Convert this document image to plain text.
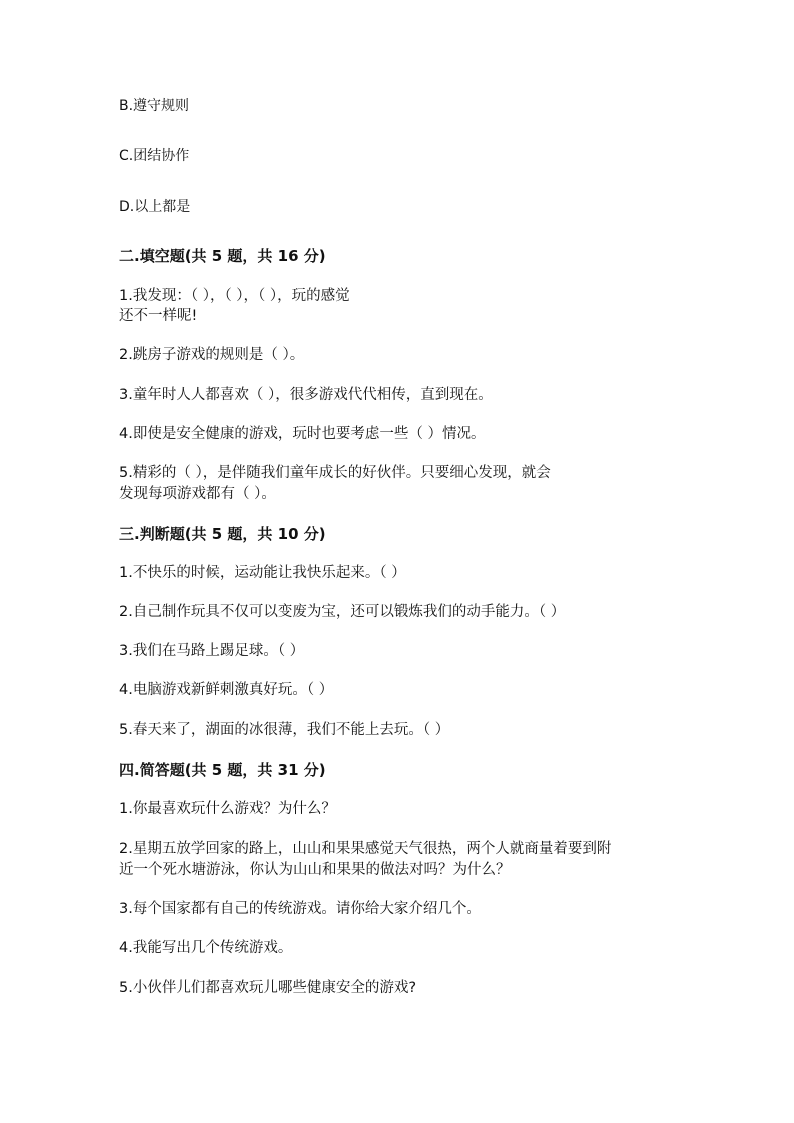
B.遵守规则
C.团结协作
D.以上都是
二.填空题(共 5 题，共 16 分)
1.我发现：（ ），（ ），（ ），玩的感觉
还不一样呢!
2.跳房子游戏的规则是（ ）。
3.童年时人人都喜欢（ ），很多游戏代代相传，直到现在。
4.即使是安全健康的游戏，玩时也要考虑一些（ ）情况。
5.精彩的（ ），是伴随我们童年成长的好伙伴。只要细心发现，就会
发现每项游戏都有（ ）。
三.判断题(共 5 题，共 10 分)
1.不快乐的时候，运动能让我快乐起来。（ ）
2.自己制作玩具不仅可以变废为宝，还可以锻炼我们的动手能力。（ ）
3.我们在马路上踢足球。（ ）
4.电脑游戏新鲜刺激真好玩。（ ）
5.春天来了，湖面的冰很薄，我们不能上去玩。（ ）
四.简答题(共 5 题，共 31 分)
1.你最喜欢玩什么游戏？为什么？
2.星期五放学回家的路上，山山和果果感觉天气很热，两个人就商量着要到附
近一个死水塘游泳，你认为山山和果果的做法对吗？为什么？
3.每个国家都有自己的传统游戏。请你给大家介绍几个。
4.我能写出几个传统游戏。
5.小伙伴儿们都喜欢玩儿哪些健康安全的游戏?
